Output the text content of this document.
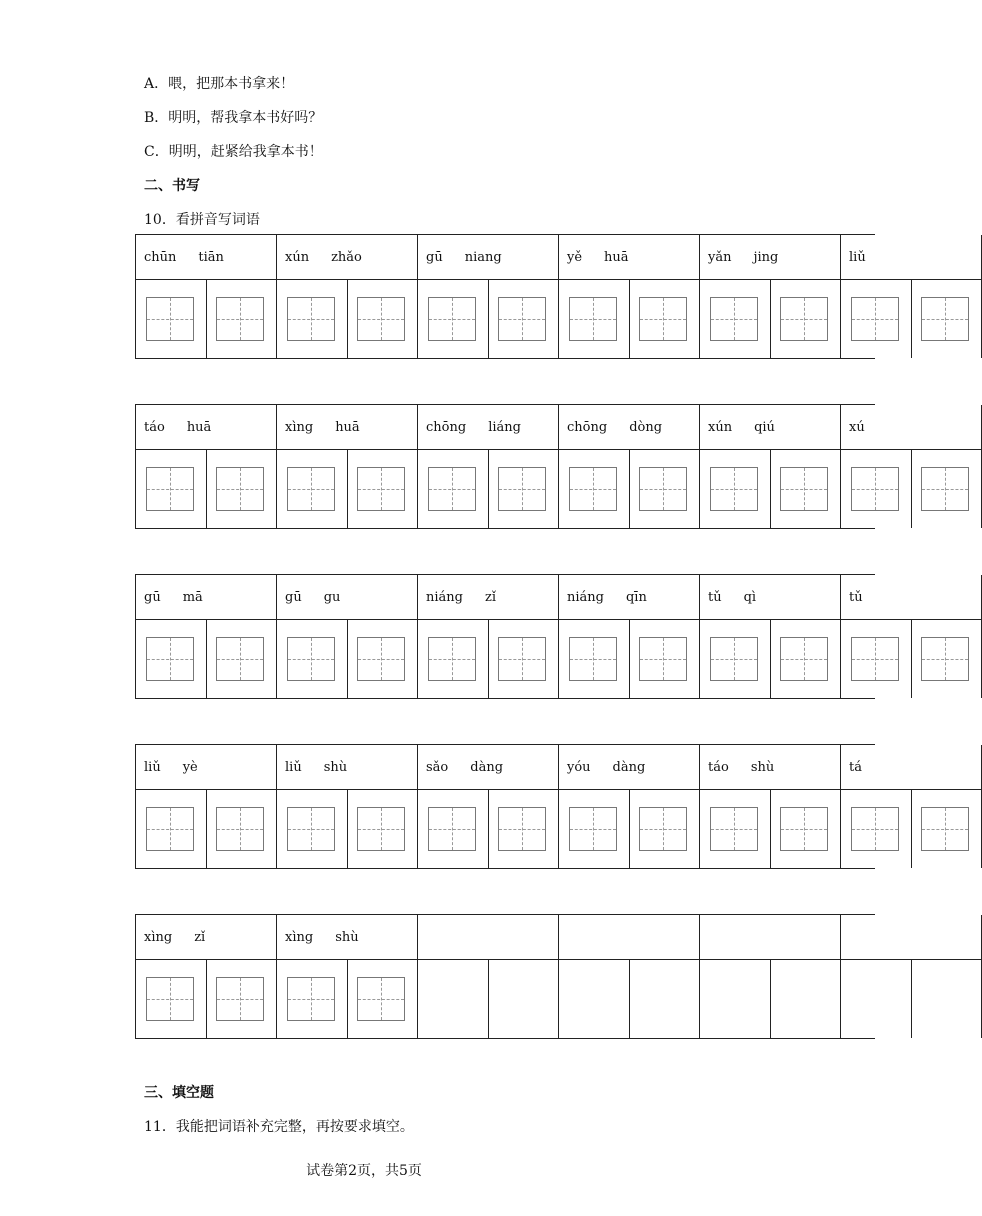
A．喂，把那本书拿来！
B．明明，帮我拿本书好吗？
C．明明，赶紧给我拿本书！
二、书写
10．看拼音写词语
chūn tiān	xún zhǎo	gū niang	yě huā	yǎn jing	liǔ
táo huā	xìng huā	chōng liáng	chōng dòng	xún qiú	xú
gū mā	gū gu	niáng zǐ	niáng qīn	tǔ qì	tǔ
liǔ yè	liǔ shù	sǎo dàng	yóu dàng	táo shù	tá
xìng zǐ	xìng shù
三、填空题
11．我能把词语补充完整，再按要求填空。
试卷第2页，共5页
